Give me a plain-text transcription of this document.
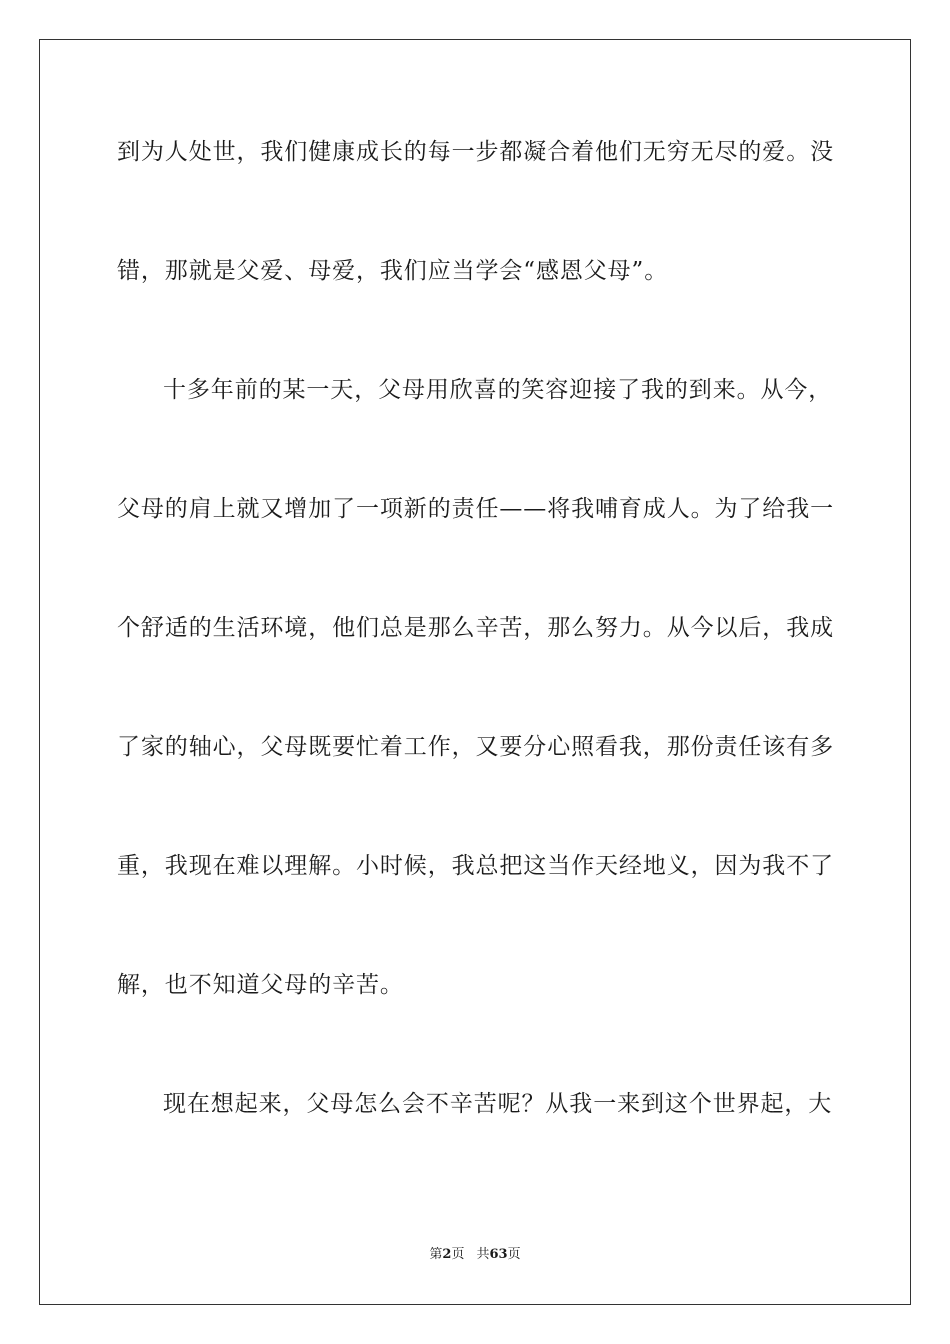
到为人处世，我们健康成长的每一步都凝合着他们无穷无尽的爱。没
错，那就是父爱、母爱，我们应当学会“感恩父母”。
十多年前的某一天，父母用欣喜的笑容迎接了我的到来。从今，
父母的肩上就又增加了一项新的责任——将我哺育成人。为了给我一
个舒适的生活环境，他们总是那么辛苦，那么努力。从今以后，我成
了家的轴心，父母既要忙着工作，又要分心照看我，那份责任该有多
重，我现在难以理解。小时候，我总把这当作天经地义，因为我不了
解，也不知道父母的辛苦。
现在想起来，父母怎么会不辛苦呢？从我一来到这个世界起，大
第2页 共63页
